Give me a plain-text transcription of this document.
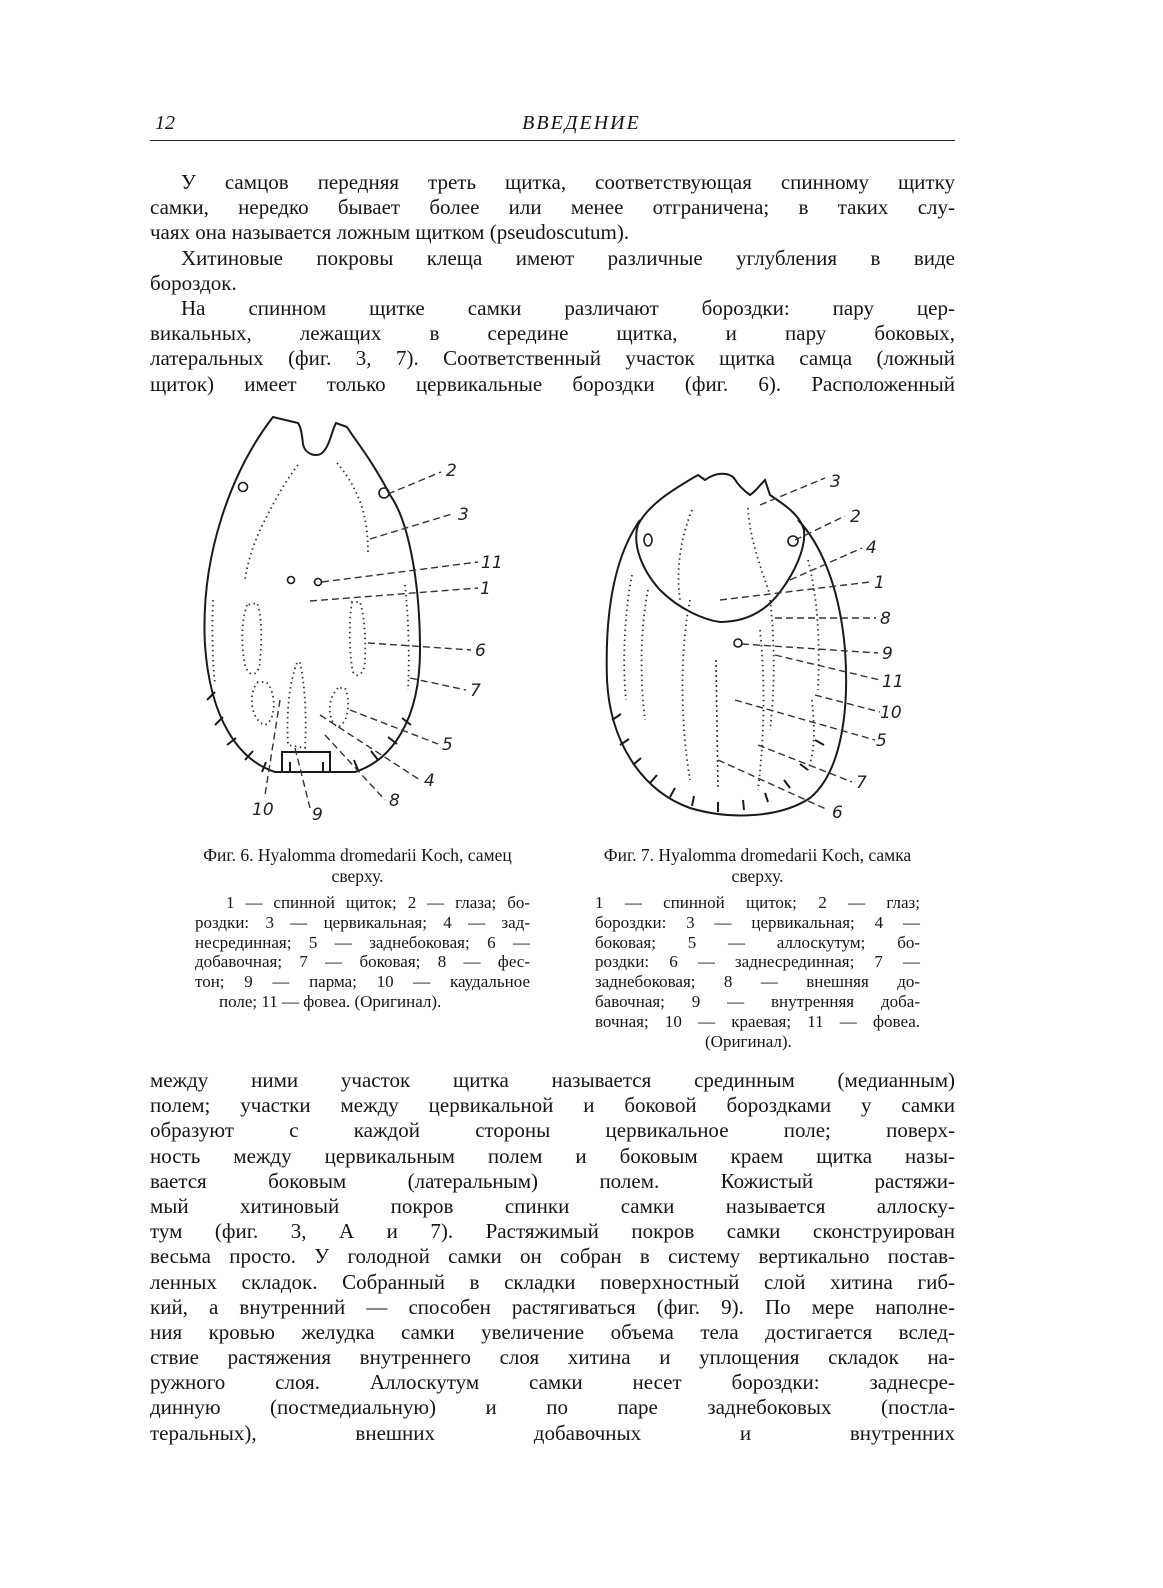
12	ВВЕДЕНИЕ
У самцов передняя треть щитка, соответствующая спинному щитку
самки, нередко бывает более или менее отграничена; в таких слу-
чаях она называется ложным щитком (pseudoscutum).
Хитиновые покровы клеща имеют различные углубления в виде
бороздок.
На спинном щитке самки различают бороздки: пару цер-
викальных, лежащих в середине щитка, и пару боковых,
латеральных (фиг. 3, 7). Соответственный участок щитка самца (ложный
щиток) имеет только цервикальные бороздки (фиг. 6). Расположенный
2
3
11
1
6
7
5
4
8
10 9
3
2
4
1
8
9
11
10
5
7
6
Фиг. 6. Hyalomma dromedarii Koch, самец сверху.
1 — спинной щиток; 2 — глаза; бо-
роздки: 3 — цервикальная; 4 — зад-
несрединная; 5 — заднебоковая; 6 —
добавочная; 7 — боковая; 8 — фес-
тон; 9 — парма; 10 — каудальное
поле; 11 — фовеа. (Оригинал).
Фиг. 7. Hyalomma dromedarii Koch, самка сверху.
1 — спинной щиток; 2 — глаз;
бороздки: 3 — цервикальная; 4 —
боковая; 5 — аллоскутум; бо-
роздки: 6 — заднесрединная; 7 —
заднебоковая; 8 — внешняя до-
бавочная; 9 — внутренняя доба-
вочная; 10 — краевая; 11 — фовеа.
(Оригинал).
между ними участок щитка называется срединным (медианным)
полем; участки между цервикальной и боковой бороздками у самки
образуют с каждой стороны цервикальное поле; поверх-
ность между цервикальным полем и боковым краем щитка назы-
вается боковым (латеральным) полем. Кожистый растяжи-
мый хитиновый покров спинки самки называется аллоску-
тум (фиг. 3, А и 7). Растяжимый покров самки сконструирован
весьма просто. У голодной самки он собран в систему вертикально постав-
ленных складок. Собранный в складки поверхностный слой хитина гиб-
кий, а внутренний — способен растягиваться (фиг. 9). По мере наполне-
ния кровью желудка самки увеличение объема тела достигается вслед-
ствие растяжения внутреннего слоя хитина и уплощения складок на-
ружного слоя. Аллоскутум самки несет бороздки: заднесре-
динную (постмедиальную) и по паре заднебоковых (постла-
теральных), внешних добавочных и внутренних
